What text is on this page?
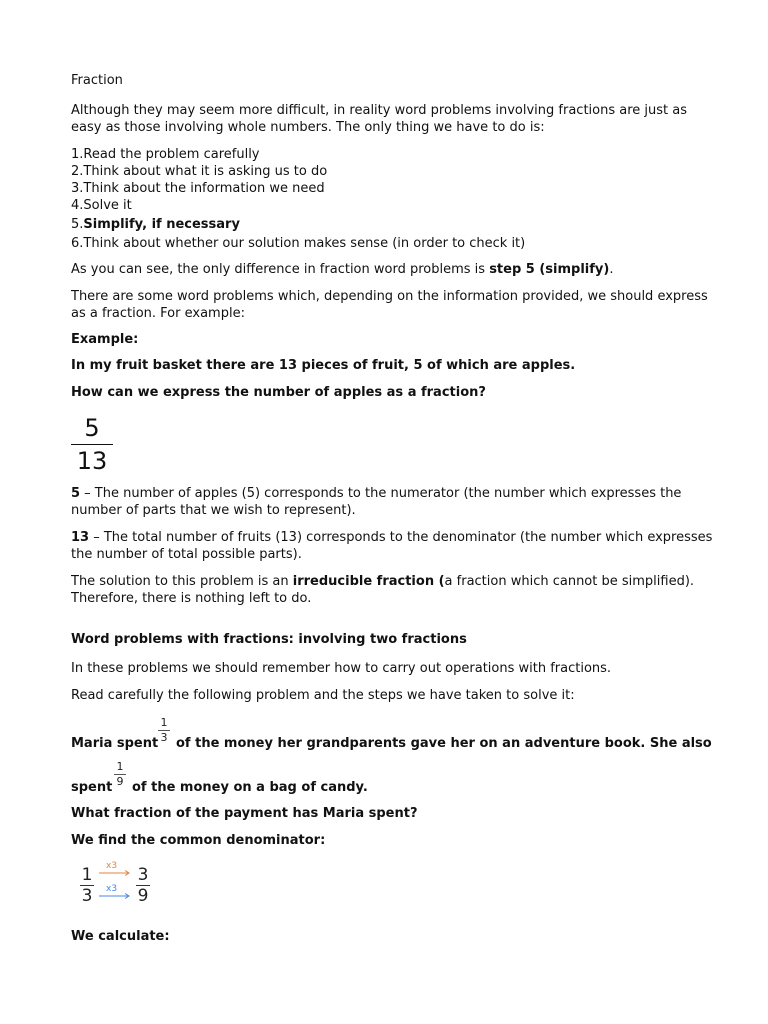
Fraction
Although they may seem more difficult, in reality word problems involving fractions are just as
easy as those involving whole numbers. The only thing we have to do is:
1.Read the problem carefully
2.Think about what it is asking us to do
3.Think about the information we need
4.Solve it
5.Simplify, if necessary
6.Think about whether our solution makes sense (in order to check it)
As you can see, the only difference in fraction word problems is step 5 (simplify).
There are some word problems which, depending on the information provided, we should express
as a fraction. For example:
Example:
In my fruit basket there are 13 pieces of fruit, 5 of which are apples.
How can we express the number of apples as a fraction?
5
13
5 – The number of apples (5) corresponds to the numerator (the number which expresses the
number of parts that we wish to represent).
13 – The total number of fruits (13) corresponds to the denominator (the number which expresses
the number of total possible parts).
The solution to this problem is an irreducible fraction (a fraction which cannot be simplified).
Therefore, there is nothing left to do.
Word problems with fractions: involving two fractions
In these problems we should remember how to carry out operations with fractions.
Read carefully the following problem and the steps we have taken to solve it:
Maria spent
1
3 of the money her grandparents gave her on an adventure book. She also
spent
1
9 of the money on a bag of candy.
What fraction of the payment has Maria spent?
We find the common denominator:
1
3
x3
x3
3
9
We calculate:
